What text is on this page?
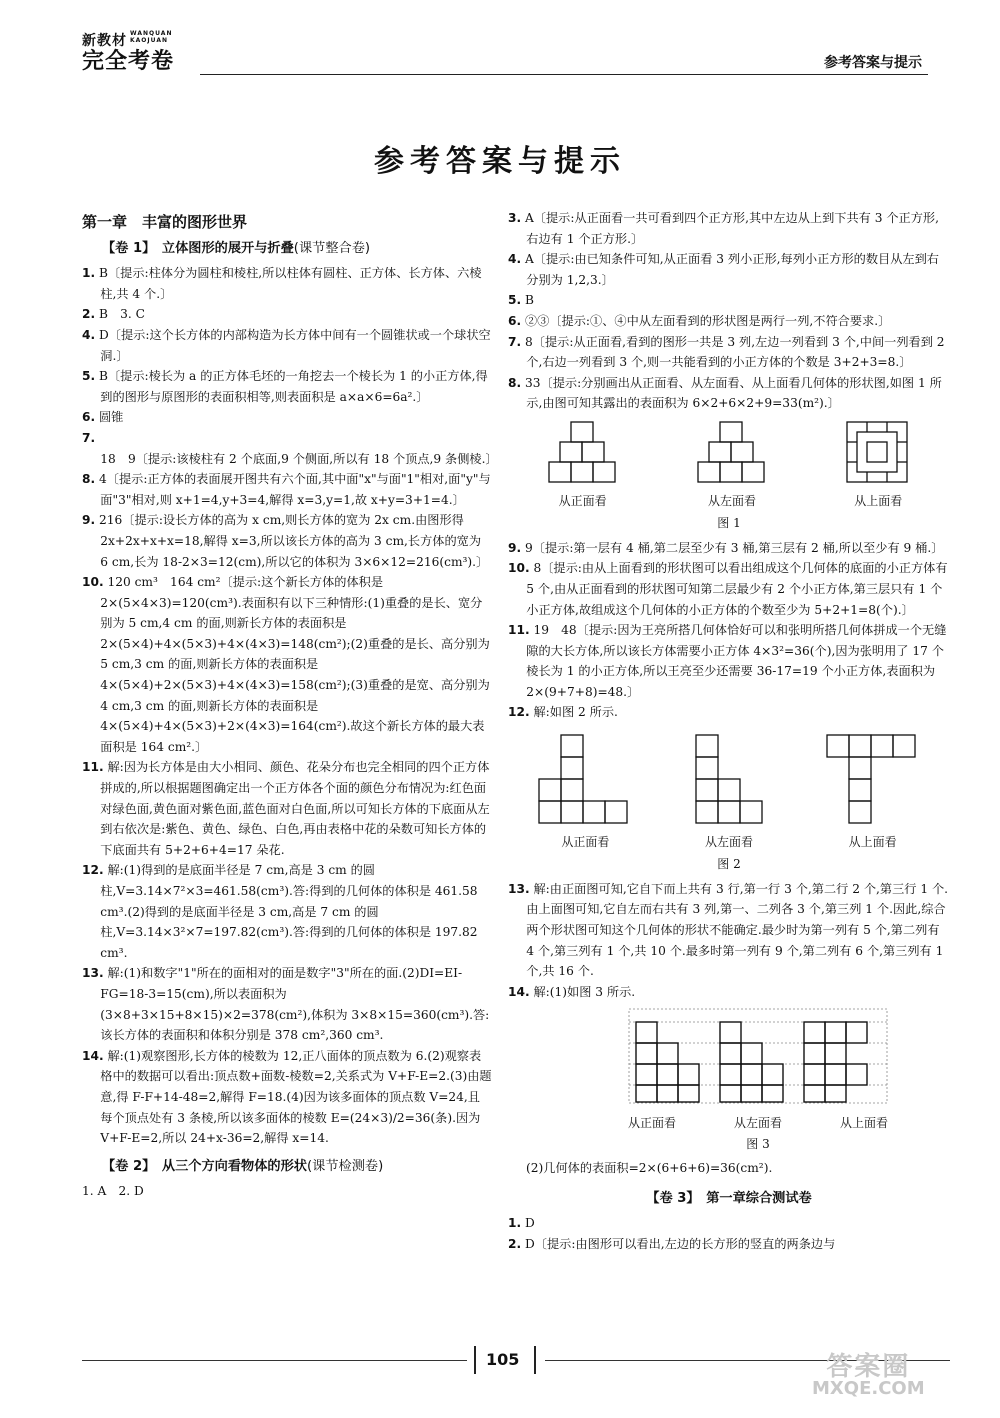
新教材 WANQUAN KAOJUAN
完全考卷	参考答案与提示
参考答案与提示
第一章　丰富的图形世界
【卷 1】　 立体图形的展开与折叠(课节整合卷)

1. B〔提示:柱体分为圆柱和棱柱,所以柱体有圆柱、正方体、长方体、六棱柱,共 4 个.〕

2. B　3. C

4. D〔提示:这个长方体的内部构造为长方体中间有一个圆锥状或一个球状空洞.〕

5. B〔提示:棱长为 a 的正方体毛坯的一角挖去一个棱长为 1 的小正方体,得到的图形与原图形的表面积相等,则表面积是 a×a×6=6a².〕

6. 圆锥

7. 18　9〔提示:该棱柱有 2 个底面,9 个侧面,所以有 18 个顶点,9 条侧棱.〕

8. 4〔提示:正方体的表面展开图共有六个面,其中面"x"与面"1"相对,面"y"与面"3"相对,则 x+1=4,y+3=4,解得 x=3,y=1,故 x+y=3+1=4.〕

9. 216〔提示:设长方体的高为 x cm,则长方体的宽为 2x cm.由图形得 2x+2x+x+x=18,解得 x=3,所以该长方体的高为 3 cm,长方体的宽为 6 cm,长为 18-2×3=12(cm),所以它的体积为 3×6×12=216(cm³).〕

10. 120 cm³　164 cm²〔提示:这个新长方体的体积是 2×(5×4×3)=120(cm³).表面积有以下三种情形:(1)重叠的是长、宽分别为 5 cm,4 cm 的面,则新长方体的表面积是 2×(5×4)+4×(5×3)+4×(4×3)=148(cm²);(2)重叠的是长、高分别为 5 cm,3 cm 的面,则新长方体的表面积是 4×(5×4)+2×(5×3)+4×(4×3)=158(cm²);(3)重叠的是宽、高分别为 4 cm,3 cm 的面,则新长方体的表面积是 4×(5×4)+4×(5×3)+2×(4×3)=164(cm²).故这个新长方体的最大表面积是 164 cm².〕

11. 解:因为长方体是由大小相同、颜色、花朵分布也完全相同的四个正方体拼成的,所以根据题图确定出一个正方体各个面的颜色分布情况为:红色面对绿色面,黄色面对紫色面,蓝色面对白色面,所以可知长方体的下底面从左到右依次是:紫色、黄色、绿色、白色,再由表格中花的朵数可知长方体的下底面共有 5+2+6+4=17 朵花.

12. 解:(1)得到的是底面半径是 7 cm,高是 3 cm 的圆柱,V=3.14×7²×3=461.58(cm³).答:得到的几何体的体积是 461.58 cm³.(2)得到的是底面半径是 3 cm,高是 7 cm 的圆柱,V=3.14×3²×7=197.82(cm³).答:得到的几何体的体积是 197.82 cm³.

13. 解:(1)和数字"1"所在的面相对的面是数字"3"所在的面.(2)DI=EI-FG=18-3=15(cm),所以表面积为(3×8+3×15+8×15)×2=378(cm²),体积为 3×8×15=360(cm³).答:该长方体的表面积和体积分别是 378 cm²,360 cm³.

14. 解:(1)观察图形,长方体的棱数为 12,正八面体的顶点数为 6.(2)观察表格中的数据可以看出:顶点数+面数-棱数=2,关系式为 V+F-E=2.(3)由题意,得 F-F+14-48=2,解得 F=18.(4)因为该多面体的顶点数 V=24,且每个顶点处有 3 条棱,所以该多面体的棱数 E=(24×3)/2=36(条).因为 V+F-E=2,所以 24+x-36=2,解得 x=14.

【卷 2】　 从三个方向看物体的形状(课节检测卷)

1. A　2. D

3. A〔提示:从正面看一共可看到四个正方形,其中左边从上到下共有 3 个正方形,右边有 1 个正方形.〕

4. A〔提示:由已知条件可知,从正面看 3 列小正形,每列小正方形的数目从左到右分别为 1,2,3.〕

5. B

6. ②③〔提示:①、④中从左面看到的形状图是两行一列,不符合要求.〕

7. 8〔提示:从正面看,看到的图形一共是 3 列,左边一列看到 3 个,中间一列看到 2 个,右边一列看到 3 个,则一共能看到的小正方体的个数是 3+2+3=8.〕

8. 33〔提示:分别画出从正面看、从左面看、从上面看几何体的形状图,如图 1 所示,由图可知其露出的表面积为 6×2+6×2+9=33(m²).〕

从正面看	从左面看	从上面看
图 1

9. 9〔提示:第一层有 4 桶,第二层至少有 3 桶,第三层有 2 桶,所以至少有 9 桶.〕

10. 8〔提示:由从上面看到的形状图可以看出组成这个几何体的底面的小正方体有 5 个,由从正面看到的形状图可知第二层最少有 2 个小正方体,第三层只有 1 个小正方体,故组成这个几何体的小正方体的个数至少为 5+2+1=8(个).〕

11. 19　48〔提示:因为王亮所搭几何体恰好可以和张明所搭几何体拼成一个无缝隙的大长方体,所以该长方体需要小正方体 4×3²=36(个),因为张明用了 17 个棱长为 1 的小正方体,所以王亮至少还需要 36-17=19 个小正方体,表面积为 2×(9+7+8)=48.〕

12. 解:如图 2 所示.

从正面看	从左面看	从上面看
图 2

13. 解:由正面图可知,它自下而上共有 3 行,第一行 3 个,第二行 2 个,第三行 1 个.由上面图可知,它自左而右共有 3 列,第一、二列各 3 个,第三列 1 个.因此,综合两个形状图可知这个几何体的形状不能确定.最少时为第一列有 5 个,第二列有 4 个,第三列有 1 个,共 10 个.最多时第一列有 9 个,第二列有 6 个,第三列有 1 个,共 16 个.

14. 解:(1)如图 3 所示.

从正面看	从左面看	从上面看
图 3

(2)几何体的表面积=2×(6+6+6)=36(cm²).

【卷 3】　 第一章综合测试卷

1. D

2. D〔提示:由图形可以看出,左边的长方形的竖直的两条边与

105	答案圈
MXQE.COM
